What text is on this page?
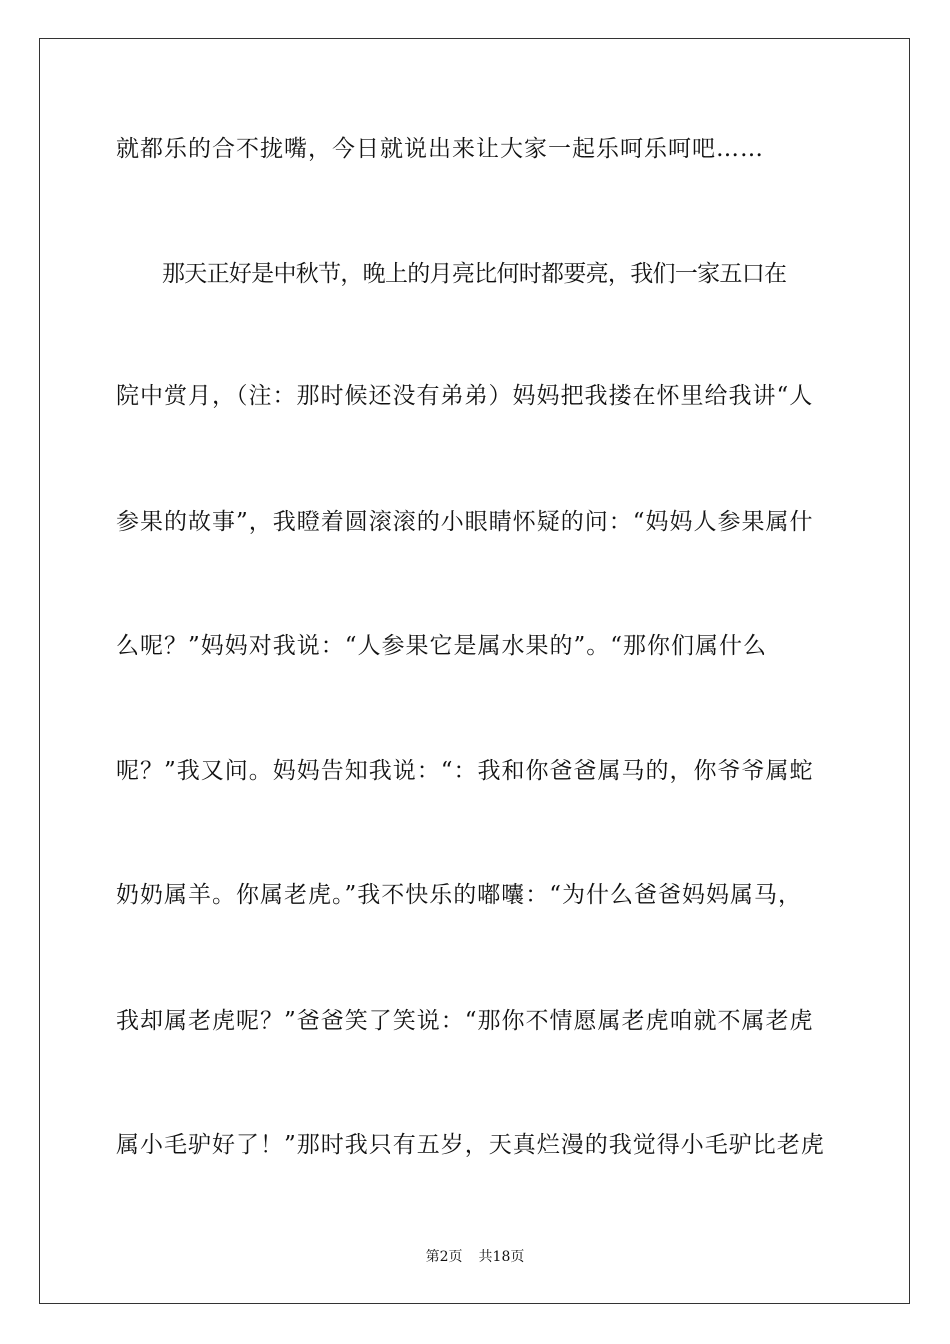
就都乐的合不拢嘴，今日就说出来让大家一起乐呵乐呵吧……
那天正好是中秋节，晚上的月亮比何时都要亮，我们一家五口在
院中赏月，（注：那时候还没有弟弟）妈妈把我搂在怀里给我讲“人
参果的故事”，我瞪着圆滚滚的小眼睛怀疑的问：“妈妈人参果属什
么呢？”妈妈对我说：“人参果它是属水果的”。“那你们属什么
呢？”我又问。妈妈告知我说：“：我和你爸爸属马的，你爷爷属蛇
奶奶属羊。你属老虎。”我不快乐的嘟囔：“为什么爸爸妈妈属马，
我却属老虎呢？”爸爸笑了笑说：“那你不情愿属老虎咱就不属老虎
属小毛驴好了！”那时我只有五岁，天真烂漫的我觉得小毛驴比老虎
第2页 共18页
